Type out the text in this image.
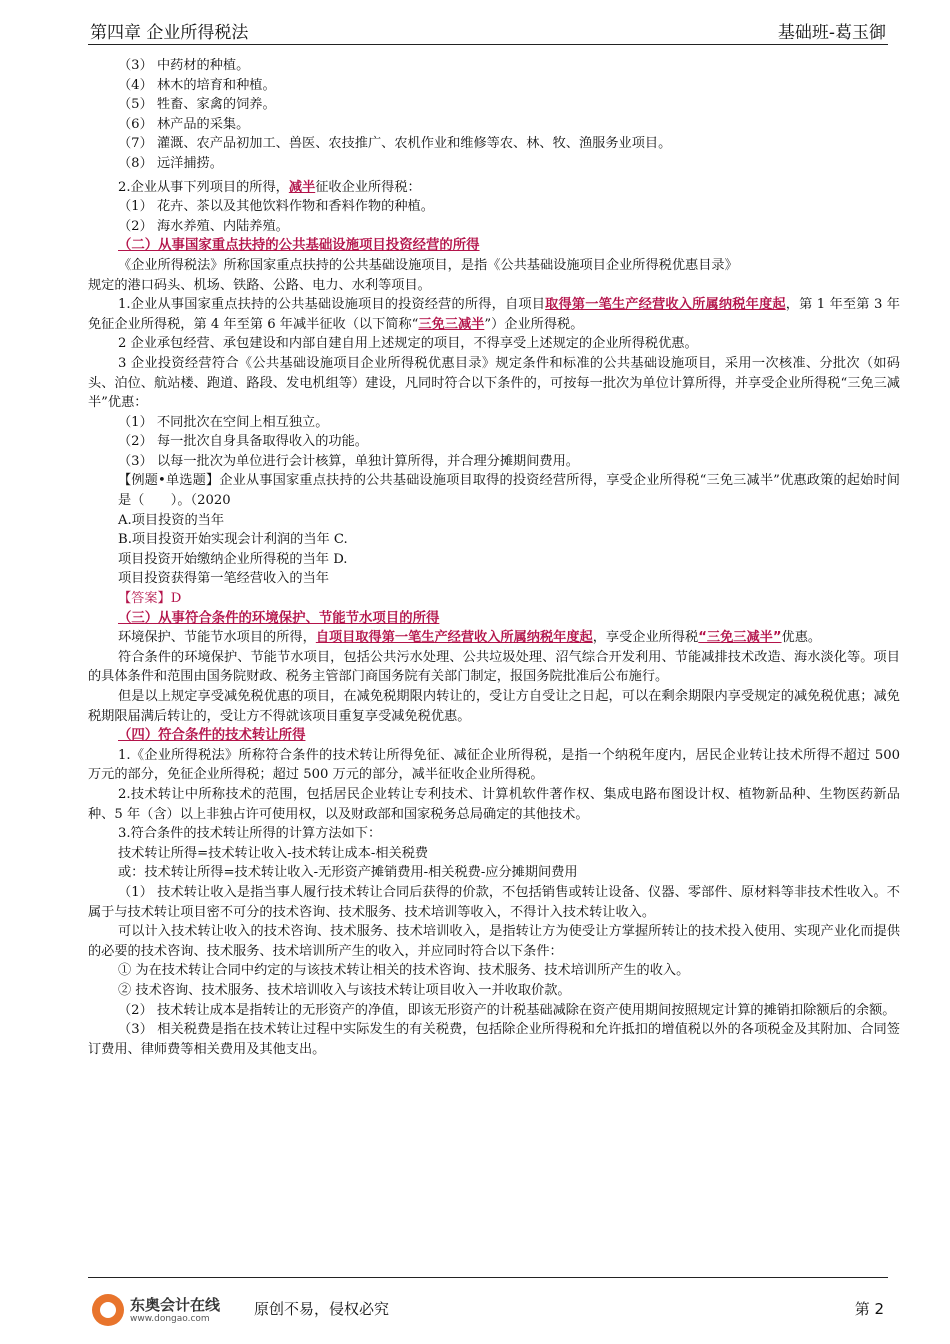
第四章 企业所得税法	基础班-葛玉御

（3） 中药材的种植。

（4） 林木的培育和种植。

（5） 牲畜、家禽的饲养。

（6） 林产品的采集。

（7） 灌溉、农产品初加工、兽医、农技推广、农机作业和维修等农、林、牧、渔服务业项目。

（8） 远洋捕捞。

2.企业从事下列项目的所得，减半征收企业所得税：

（1） 花卉、茶以及其他饮料作物和香料作物的种植。

（2） 海水养殖、内陆养殖。

（二）从事国家重点扶持的公共基础设施项目投资经营的所得

《企业所得税法》所称国家重点扶持的公共基础设施项目，是指《公共基础设施项目企业所得税优惠目录》

规定的港口码头、机场、铁路、公路、电力、水利等项目。

1.企业从事国家重点扶持的公共基础设施项目的投资经营的所得，自项目取得第一笔生产经营收入所属纳税年度起，第 1 年至第 3 年免征企业所得税，第 4 年至第 6 年减半征收（以下简称“三免三减半”）企业所得税。

2 企业承包经营、承包建设和内部自建自用上述规定的项目，不得享受上述规定的企业所得税优惠。

3 企业投资经营符合《公共基础设施项目企业所得税优惠目录》规定条件和标准的公共基础设施项目，采用一次核准、分批次（如码头、泊位、航站楼、跑道、路段、发电机组等）建设，凡同时符合以下条件的，可按每一批次为单位计算所得，并享受企业所得税“三免三减半”优惠：

（1） 不同批次在空间上相互独立。

（2） 每一批次自身具备取得收入的功能。

（3） 以每一批次为单位进行会计核算，单独计算所得，并合理分摊期间费用。

【例题•单选题】企业从事国家重点扶持的公共基础设施项目取得的投资经营所得，享受企业所得税“三免三减半”优惠政策的起始时间是（　　）。（2020

A.项目投资的当年

B.项目投资开始实现会计利润的当年 C.

项目投资开始缴纳企业所得税的当年 D.

项目投资获得第一笔经营收入的当年

【答案】D

（三）从事符合条件的环境保护、节能节水项目的所得

环境保护、节能节水项目的所得，自项目取得第一笔生产经营收入所属纳税年度起，享受企业所得税“三免三减半”优惠。

符合条件的环境保护、节能节水项目，包括公共污水处理、公共垃圾处理、沼气综合开发利用、节能减排技术改造、海水淡化等。项目的具体条件和范围由国务院财政、税务主管部门商国务院有关部门制定，报国务院批准后公布施行。

但是以上规定享受减免税优惠的项目，在减免税期限内转让的，受让方自受让之日起，可以在剩余期限内享受规定的减免税优惠；减免税期限届满后转让的，受让方不得就该项目重复享受减免税优惠。

（四）符合条件的技术转让所得

1.《企业所得税法》所称符合条件的技术转让所得免征、减征企业所得税，是指一个纳税年度内，居民企业转让技术所得不超过 500 万元的部分，免征企业所得税；超过 500 万元的部分，减半征收企业所得税。

2.技术转让中所称技术的范围，包括居民企业转让专利技术、计算机软件著作权、集成电路布图设计权、植物新品种、生物医药新品种、5 年（含）以上非独占许可使用权，以及财政部和国家税务总局确定的其他技术。

3.符合条件的技术转让所得的计算方法如下：

技术转让所得=技术转让收入-技术转让成本-相关税费

或：技术转让所得=技术转让收入-无形资产摊销费用-相关税费-应分摊期间费用

（1） 技术转让收入是指当事人履行技术转让合同后获得的价款，不包括销售或转让设备、仪器、零部件、原材料等非技术性收入。不属于与技术转让项目密不可分的技术咨询、技术服务、技术培训等收入，不得计入技术转让收入。

可以计入技术转让收入的技术咨询、技术服务、技术培训收入，是指转让方为使受让方掌握所转让的技术投入使用、实现产业化而提供的必要的技术咨询、技术服务、技术培训所产生的收入，并应同时符合以下条件：

① 为在技术转让合同中约定的与该技术转让相关的技术咨询、技术服务、技术培训所产生的收入。

② 技术咨询、技术服务、技术培训收入与该技术转让项目收入一并收取价款。

（2） 技术转让成本是指转让的无形资产的净值，即该无形资产的计税基础减除在资产使用期间按照规定计算的摊销扣除额后的余额。

（3） 相关税费是指在技术转让过程中实际发生的有关税费，包括除企业所得税和允许抵扣的增值税以外的各项税金及其附加、合同签订费用、律师费等相关费用及其他支出。

东奥会计在线
www.dongao.com
原创不易，侵权必究	第 2
